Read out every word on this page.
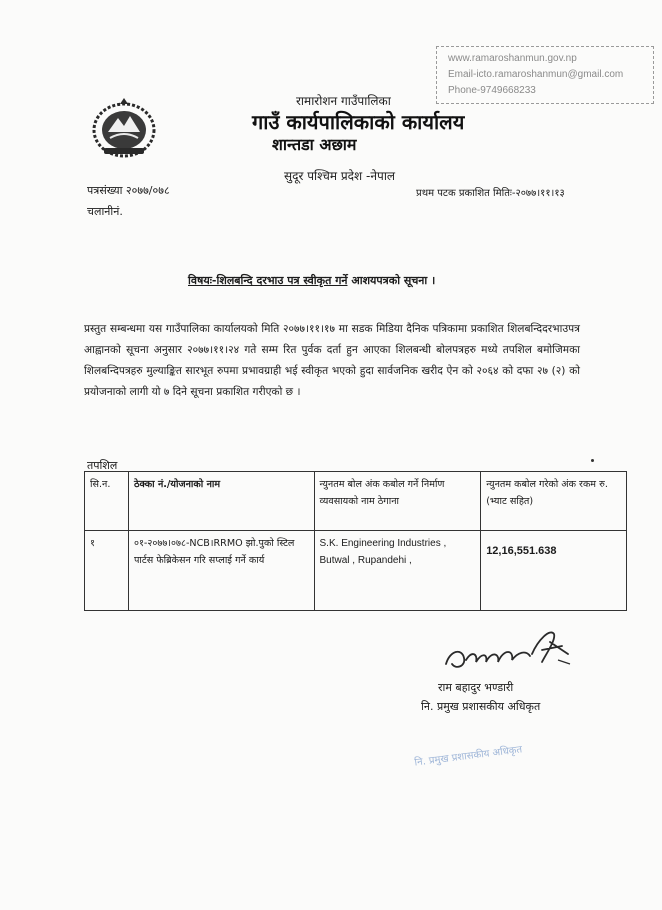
www.ramaroshanmun.gov.np
Email-icto.ramaroshanmun@gmail.com
Phone-9749668233
रामारोशन गाउँपालिका
गाउँ कार्यपालिकाको कार्यालय
शान्तडा अछाम
सुदूर पश्चिम प्रदेश -नेपाल
पत्रसंख्या २०७७/०७८
चलानीनं.
प्रथम पटक प्रकाशित मितिः-२०७७।११।१३
विषयः-शिलबन्दि दरभाउ पत्र स्वीकृत गर्ने आशयपत्रको सूचना ।
प्रस्तुत सम्बन्धमा यस गाउँपालिका कार्यालयको मिति २०७७।११।१७ मा सडक मिडिया दैनिक पत्रिकामा प्रकाशित शिलबन्दिदरभाउपत्र आह्वानको सूचना अनुसार २०७७।११।२४ गते सम्म रित पुर्वक दर्ता हुन आएका शिलबन्धी बोलपत्रहरु मध्ये तपशिल बमोजिमका शिलबन्दिपत्रहरु मुल्याङ्कित सारभूत रुपमा प्रभावग्राही भई स्वीकृत भएको हुदा सार्वजनिक खरीद ऐन को २०६४ को दफा २७ (२) को प्रयोजनाको लागी यो ७ दिने सूचना प्रकाशित गरीएको छ ।
तपशिल
सि.न.	ठेक्का नं./योजनाको नाम	न्युनतम बोल अंक कबोल गर्ने निर्माण व्यवसायको नाम ठेगाना	न्युनतम कबोल गरेको अंक रकम रु. (भ्याट सहित)
१	०१-२०७७।०७८-NCB।RRMO झो.पुको स्टिल पार्टस फेब्रिकेसन गरि सप्लाई गर्ने कार्य	S.K. Engineering Industries ,
Butwal , Rupandehi ,	12,16,551.638
राम बहादुर भण्डारी
नि. प्रमुख प्रशासकीय अधिकृत
नि. प्रमुख प्रशासकीय अधिकृत
